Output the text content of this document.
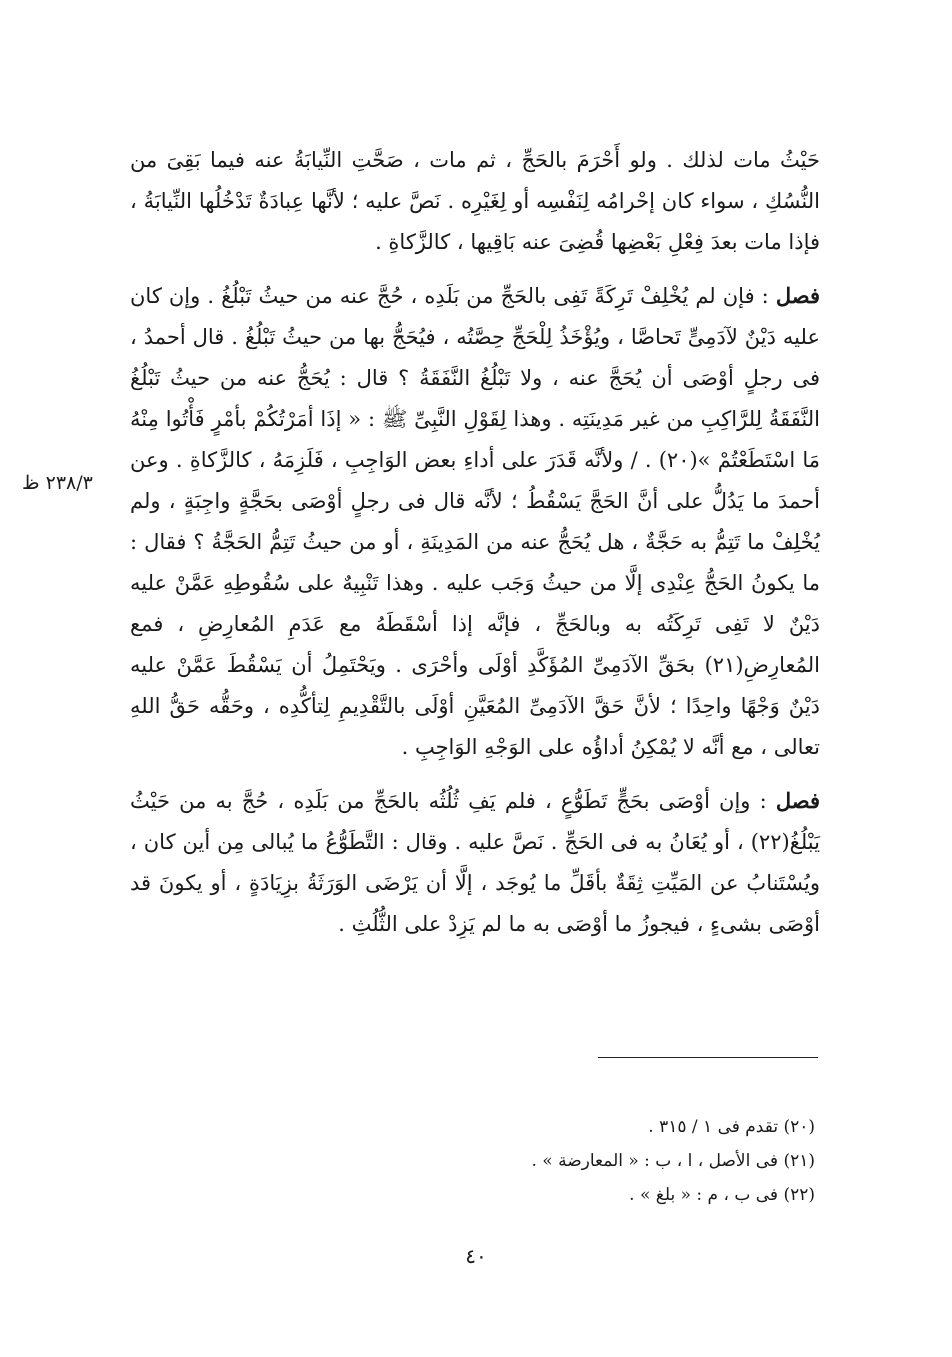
حَيْثُ مات لذلك . ولو أَحْرَمَ بالحَجِّ ، ثم مات ، صَحَّتِ النِّيابَةُ عنه فيما بَقِىَ من النُّسُكِ ، سواء كان إحْرامُه لِنَفْسِه أو لِغَيْرِه . نَصَّ عليه ؛ لأنَّها عِبادَةٌ تَدْخُلُها النِّيابَةُ ، فإذا مات بعدَ فِعْلِ بَعْضِها قُضِىَ عنه بَاقِيها ، كالزَّكاةِ .

فصل : فإن لم يُخْلِفْ تَرِكَةً تَفِى بالحَجِّ من بَلَدِه ، حُجَّ عنه من حيثُ تَبْلُغُ . وإن كان عليه دَيْنٌ لآدَمِىٍّ تَحاصَّا ، ويُؤْخَذُ لِلْحَجِّ حِصَّتُه ، فيُحَجُّ بها من حيثُ تَبْلُغُ . قال أحمدُ ، فى رجلٍ أوْصَى أن يُحَجَّ عنه ، ولا تَبْلُغُ النَّفَقَةُ ؟ قال : يُحَجُّ عنه من حيثُ تَبْلُغُ النَّفَقَةُ لِلرَّاكِبِ من غير مَدِينَتِه . وهذا لِقَوْلِ النَّبِىِّ ﷺ : « إذَا أمَرْتُكُمْ بأمْرٍ فَأْتُوا مِنْهُ مَا اسْتَطَعْتُمْ »(٢٠) . / ولأنَّه قَدَرَ على أداءِ بعض الوَاجِبِ ، فَلَزِمَهُ ، كالزَّكاةِ . وعن أحمدَ ما يَدُلُّ على أنَّ الحَجَّ يَسْقُطُ ؛ لأنَّه قال فى رجلٍ أوْصَى بحَجَّةٍ واجِبَةٍ ، ولم يُخْلِفْ ما تَتِمُّ به حَجَّةٌ ، هل يُحَجُّ عنه من المَدِينَةِ ، أو من حيثُ تَتِمُّ الحَجَّةُ ؟ فقال : ما يكونُ الحَجُّ عِنْدِى إلَّا من حيثُ وَجَب عليه . وهذا تَنْبِيهٌ على سُقُوطِهِ عَمَّنْ عليه دَيْنٌ لا تَفِى تَرِكَتُه به وبالحَجِّ ، فإنَّه إذا أسْقَطَهُ مع عَدَمِ المُعارِضِ ، فمع المُعارِضِ(٢١) بحَقِّ الآدَمِىِّ المُؤَكَّدِ أوْلَى وأحْرَى . ويَحْتَمِلُ أن يَسْقُطَ عَمَّنْ عليه دَيْنٌ وَجْهًا واحِدًا ؛ لأنَّ حَقَّ الآدَمِىِّ المُعَيَّنِ أوْلَى بالتَّقْدِيمِ لِتأكُّدِه ، وحَقُّه حَقُّ اللهِ تعالى ، مع أنَّه لا يُمْكِنُ أداؤُه على الوَجْهِ الوَاجِبِ .

فصل : وإن أوْصَى بحَجٍّ تَطَوُّعٍ ، فلم يَفِ ثُلُثُه بالحَجِّ من بَلَدِه ، حُجَّ به من حَيْثُ يَبْلُغُ(٢٢) ، أو يُعَانُ به فى الحَجِّ . نَصَّ عليه . وقال : التَّطَوُّعُ ما يُبالى مِن أين كان ، ويُسْتَنابُ عن المَيِّتِ ثِقَةٌ بأقَلِّ ما يُوجَد ، إلَّا أن يَرْضَى الوَرَثَةُ بزِيَادَةٍ ، أو يكونَ قد أوْصَى بشىءٍ ، فيجوزُ ما أوْصَى به ما لم يَزِدْ على الثُّلُثِ .

٢٣٨/٣ ظ
(٢٠) تقدم فى ١ / ٣١٥ .
(٢١) فى الأصل ، ا ، ب : « المعارضة » .
(٢٢) فى ب ، م : « بلغ » .
٤٠
